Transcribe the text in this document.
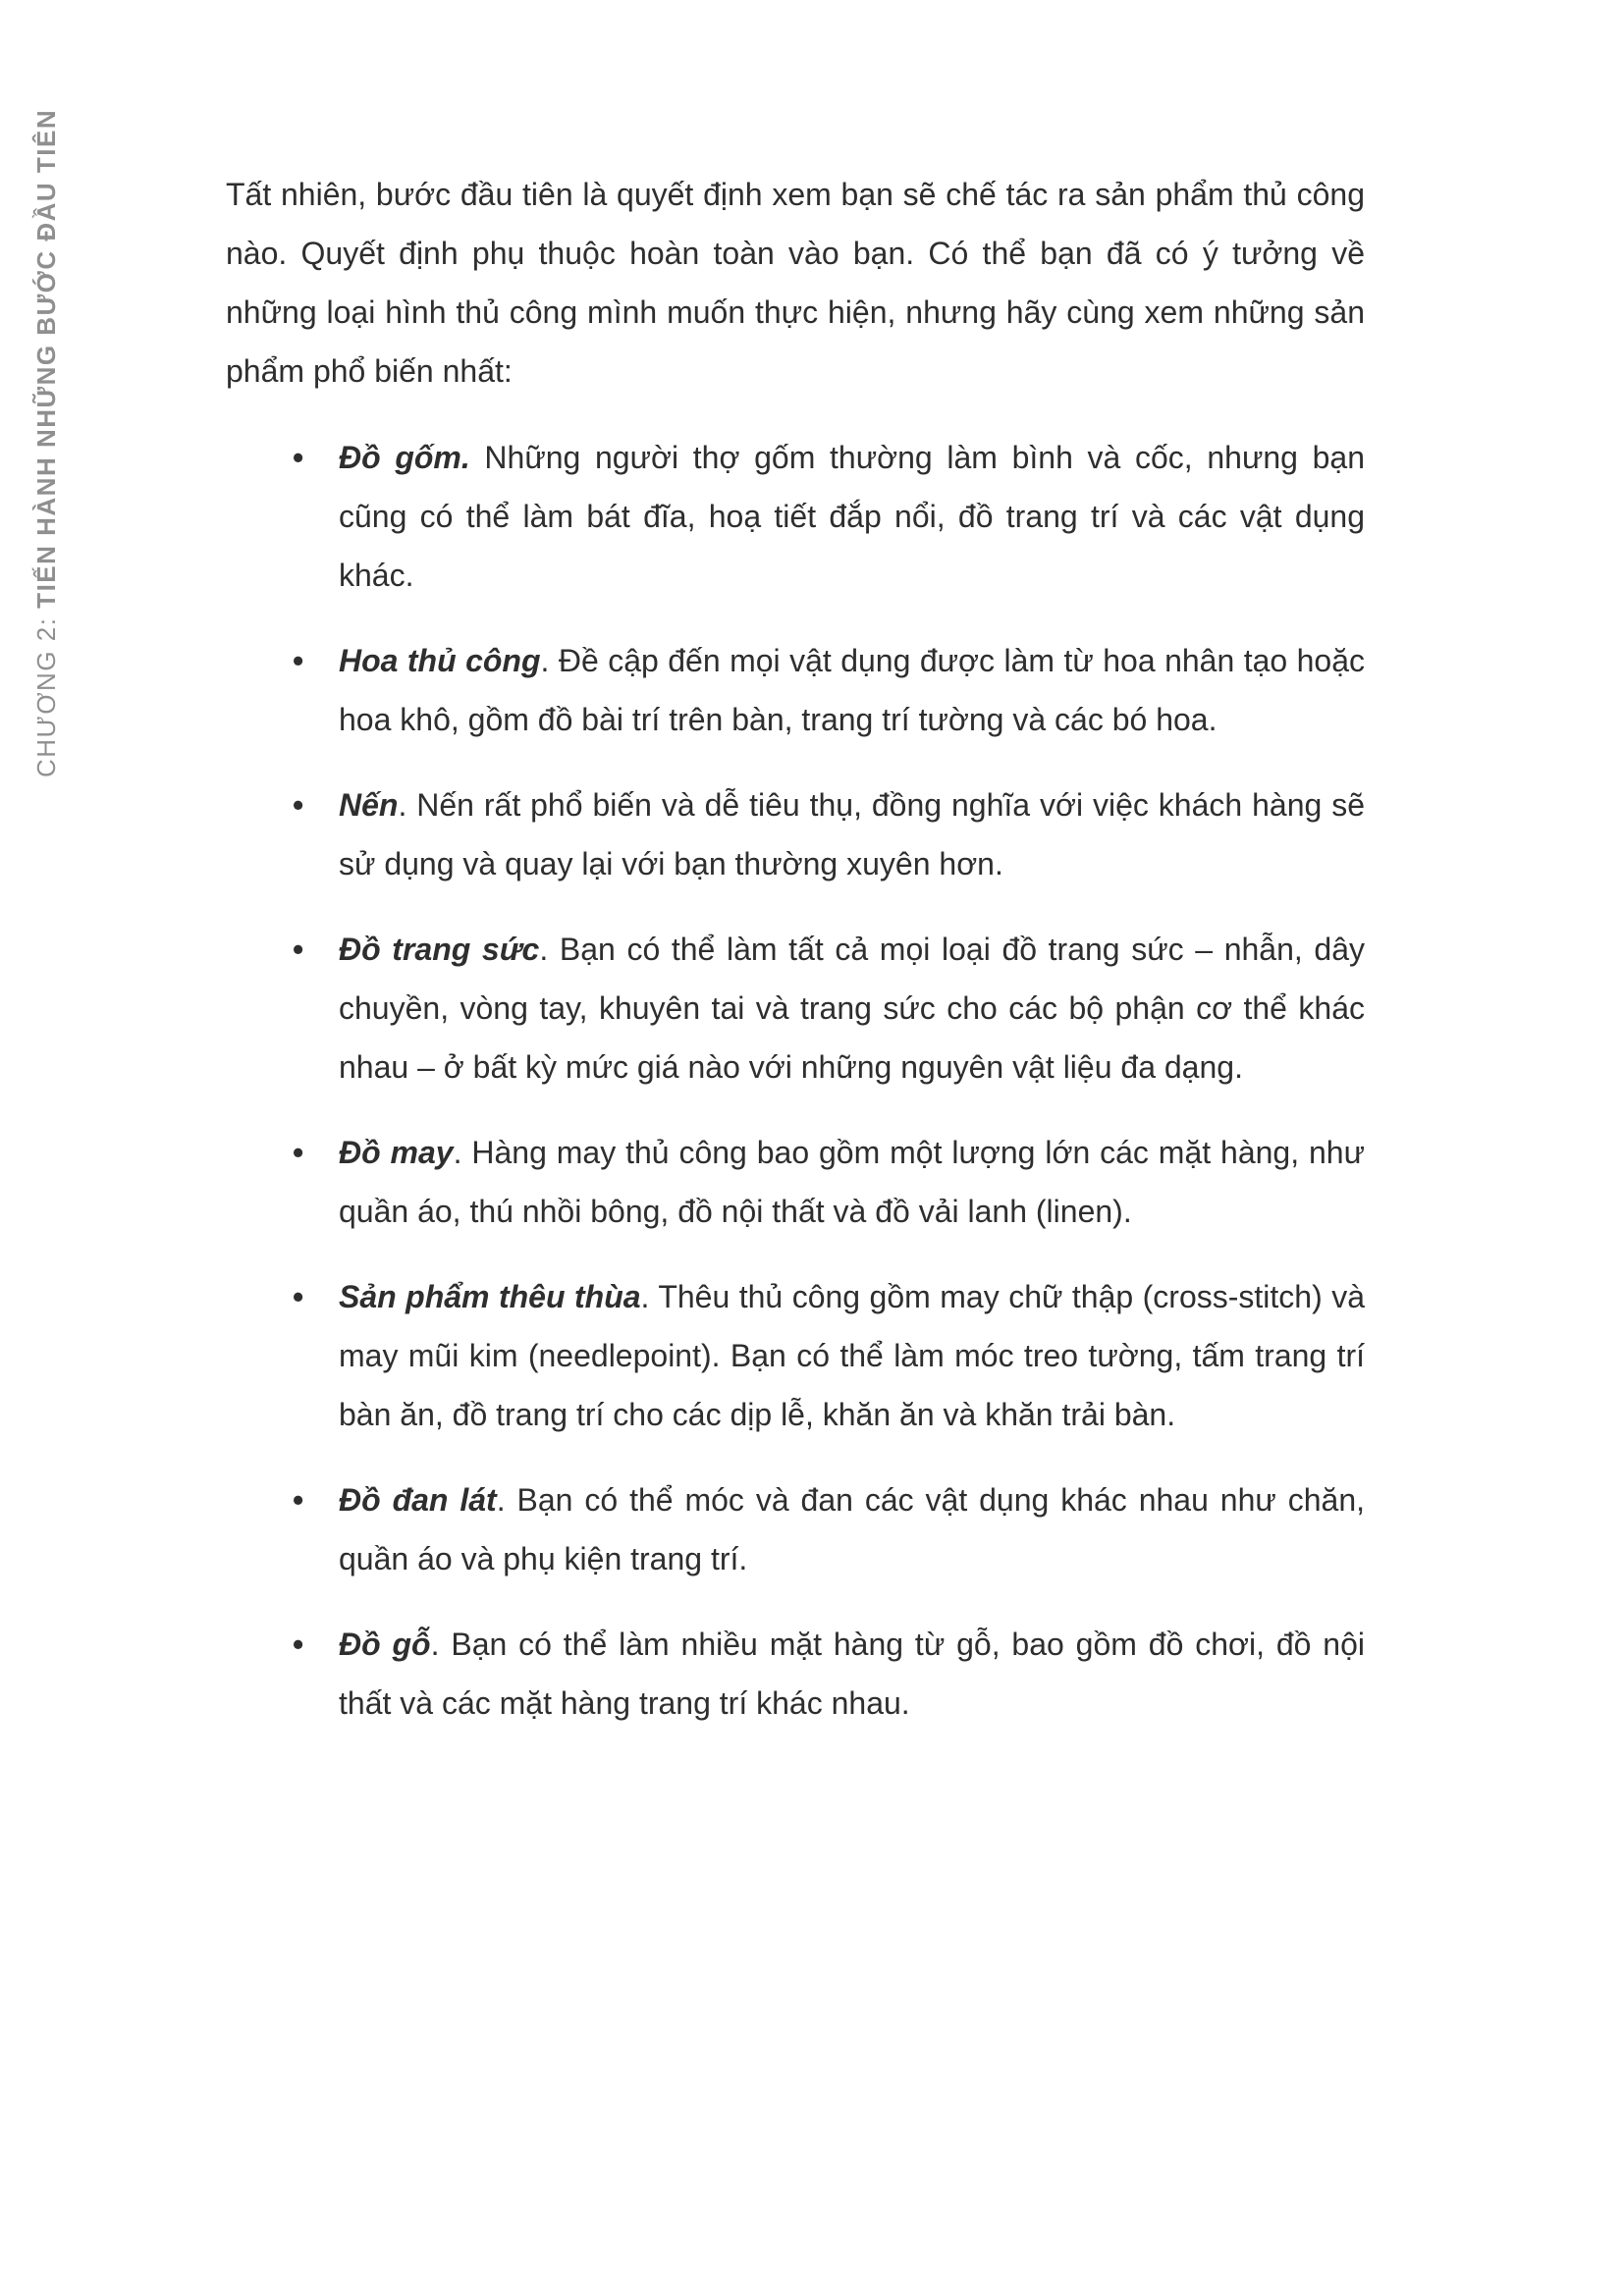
CHƯƠNG 2: TIẾN HÀNH NHỮNG BƯỚC ĐẦU TIÊN	Tất nhiên, bước đầu tiên là quyết định xem bạn sẽ chế tác ra sản phẩm thủ công nào. Quyết định phụ thuộc hoàn toàn vào bạn. Có thể bạn đã có ý tưởng về những loại hình thủ công mình muốn thực hiện, nhưng hãy cùng xem những sản phẩm phổ biến nhất:

• Đồ gốm. Những người thợ gốm thường làm bình và cốc, nhưng bạn cũng có thể làm bát đĩa, hoạ tiết đắp nổi, đồ trang trí và các vật dụng khác.
• Hoa thủ công. Đề cập đến mọi vật dụng được làm từ hoa nhân tạo hoặc hoa khô, gồm đồ bài trí trên bàn, trang trí tường và các bó hoa.
• Nến. Nến rất phổ biến và dễ tiêu thụ, đồng nghĩa với việc khách hàng sẽ sử dụng và quay lại với bạn thường xuyên hơn.
• Đồ trang sức. Bạn có thể làm tất cả mọi loại đồ trang sức – nhẫn, dây chuyền, vòng tay, khuyên tai và trang sức cho các bộ phận cơ thể khác nhau – ở bất kỳ mức giá nào với những nguyên vật liệu đa dạng.
• Đồ may. Hàng may thủ công bao gồm một lượng lớn các mặt hàng, như quần áo, thú nhồi bông, đồ nội thất và đồ vải lanh (linen).
• Sản phẩm thêu thùa. Thêu thủ công gồm may chữ thập (cross-stitch) và may mũi kim (needlepoint). Bạn có thể làm móc treo tường, tấm trang trí bàn ăn, đồ trang trí cho các dịp lễ, khăn ăn và khăn trải bàn.
• Đồ đan lát. Bạn có thể móc và đan các vật dụng khác nhau như chăn, quần áo và phụ kiện trang trí.
• Đồ gỗ. Bạn có thể làm nhiều mặt hàng từ gỗ, bao gồm đồ chơi, đồ nội thất và các mặt hàng trang trí khác nhau.
